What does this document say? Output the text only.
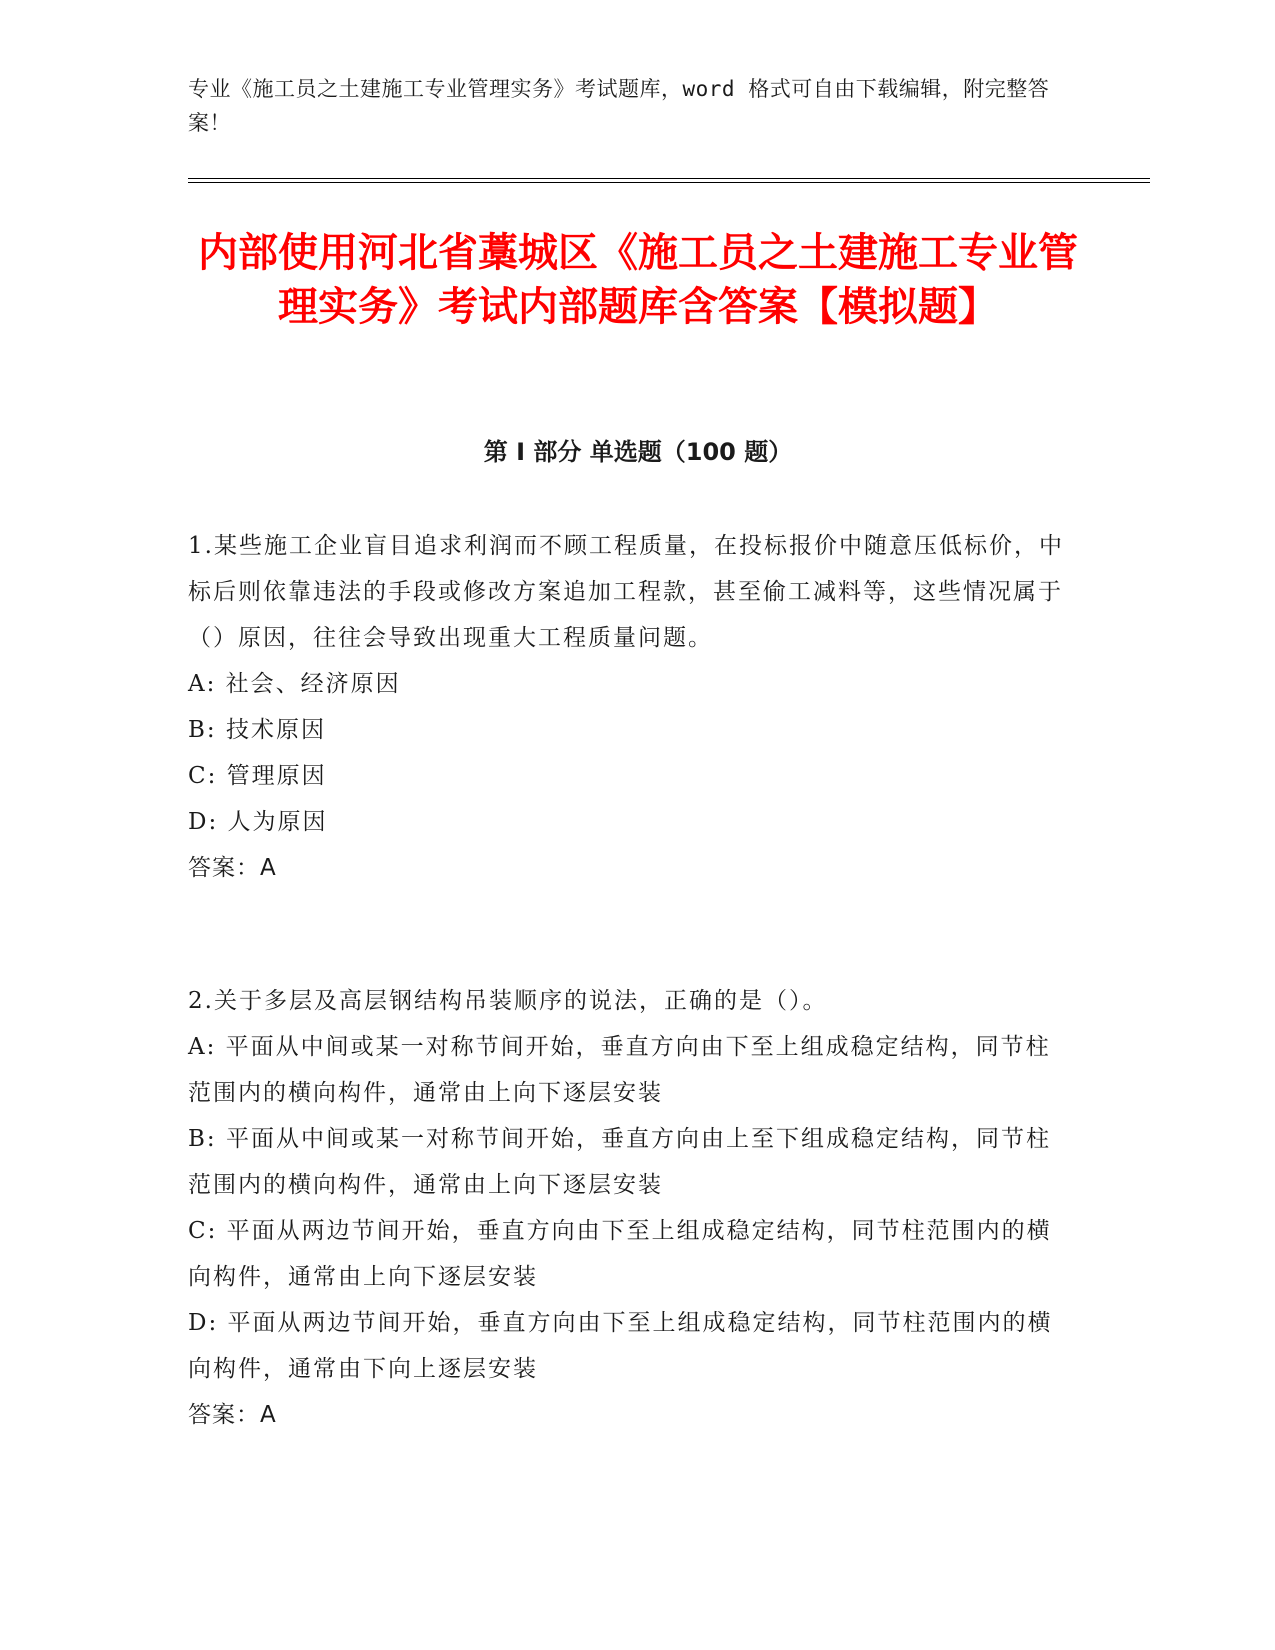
专业《施工员之土建施工专业管理实务》考试题库，word 格式可自由下载编辑，附完整答案！
内部使用河北省藁城区《施工员之土建施工专业管理实务》考试内部题库含答案【模拟题】
第 I 部分 单选题（100 题）

1.某些施工企业盲目追求利润而不顾工程质量，在投标报价中随意压低标价，中标后则依靠违法的手段或修改方案追加工程款，甚至偷工减料等，这些情况属于（）原因，往往会导致出现重大工程质量问题。

A: 社会、经济原因

B: 技术原因

C: 管理原因

D: 人为原因

答案：A

2.关于多层及高层钢结构吊装顺序的说法，正确的是（）。

A: 平面从中间或某一对称节间开始，垂直方向由下至上组成稳定结构，同节柱范围内的横向构件，通常由上向下逐层安装

B: 平面从中间或某一对称节间开始，垂直方向由上至下组成稳定结构，同节柱范围内的横向构件，通常由上向下逐层安装

C: 平面从两边节间开始，垂直方向由下至上组成稳定结构，同节柱范围内的横向构件，通常由上向下逐层安装

D: 平面从两边节间开始，垂直方向由下至上组成稳定结构，同节柱范围内的横向构件，通常由下向上逐层安装

答案：A
